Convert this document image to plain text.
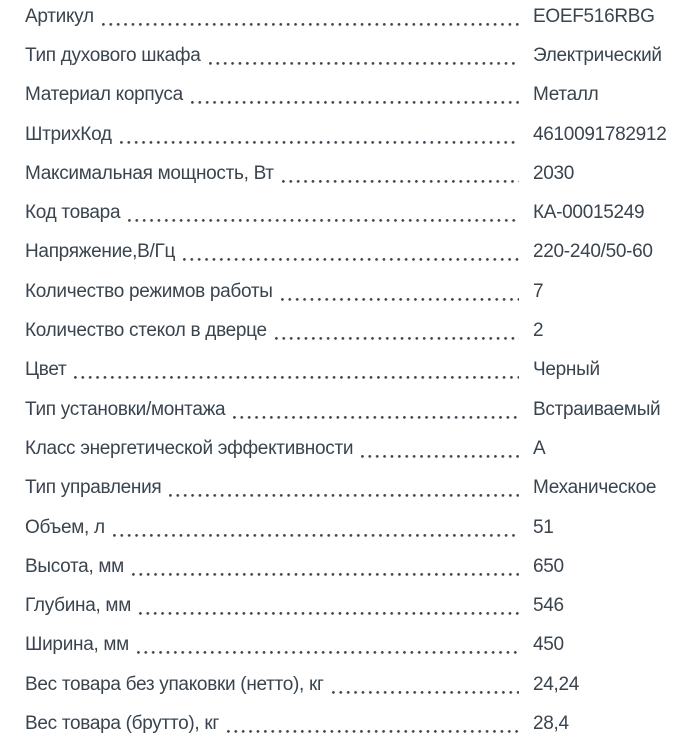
Артикул	EOEF516RBG
Тип духового шкафа	Электрический
Материал корпуса	Металл
ШтрихКод	4610091782912
Максимальная мощность, Вт	2030
Код товара	КА-00015249
Напряжение,В/Гц	220-240/50-60
Количество режимов работы	7
Количество стекол в дверце	2
Цвет	Черный
Тип установки/монтажа	Встраиваемый
Класс энергетической эффективности	А
Тип управления	Механическое
Объем, л	51
Высота, мм	650
Глубина, мм	546
Ширина, мм	450
Вес товара без упаковки (нетто), кг	24,24
Вес товара (брутто), кг	28,4
